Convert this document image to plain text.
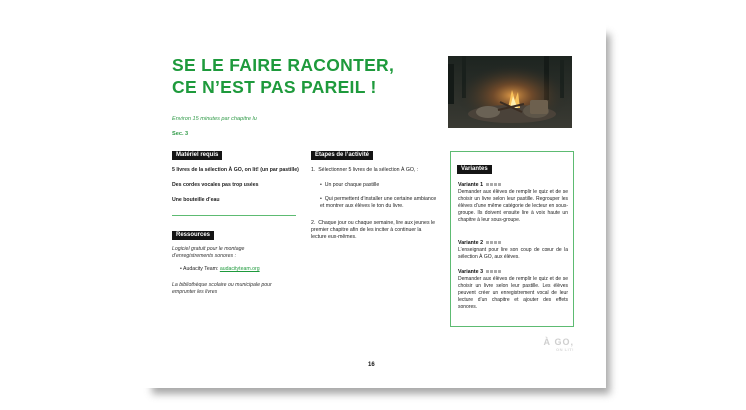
SE LE FAIRE RACONTER,
CE N’EST PAS PAREIL !
Environ 15 minutes par chapitre lu
Sec. 3
Matériel requis
5 livres de la sélection À GO, on lit! (un par pastille)
Des cordes vocales pas trop usées
Une bouteille d’eau
Ressources
Logiciel gratuit pour le montage d’enregistrements sonores :
• Audacity Team: audacityteam.org
La bibliothèque scolaire ou municipale pour emprunter les livres
Étapes de l’activité
1.  Sélectionner 5 livres de la sélection À GO, :
•  Un pour chaque pastille
•  Qui permettent d’installer une certaine ambiance et montrer aux élèves le ton du livre.
2.  Chaque jour ou chaque semaine, lire aux jeunes le premier chapitre afin de les inciter à continuer la lecture eux-mêmes.
Variantes
Variante 1
Demander aux élèves de remplir le quiz et de se choisir un livre selon leur pastille. Regrouper les élèves d’une même catégorie de lecteur en sous-groupe. Ils doivent ensuite lire à voix haute un chapitre à leur sous-groupe.
Variante 2
L’enseignant pour lire son coup de cœur de la sélection À GO, aux élèves.
Variante 3
Demander aux élèves de remplir le quiz et de se choisir un livre selon leur pastille. Les élèves peuvent créer un enregistrement vocal de leur lecture d’un chapitre et ajouter des effets sonores.
À GO,
ON LIT!
16
